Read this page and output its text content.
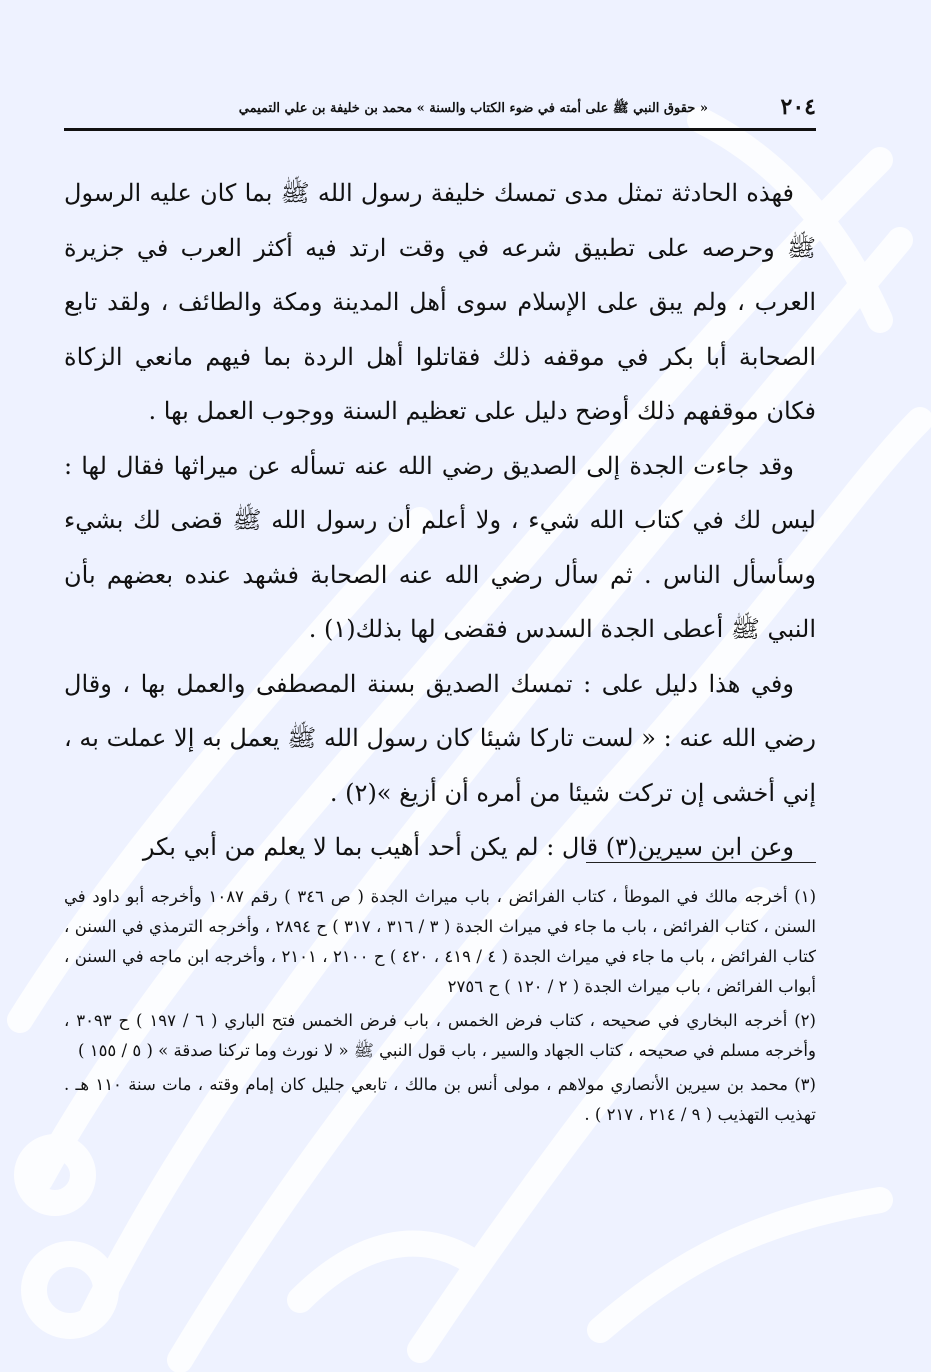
٢٠٤
« حقوق النبي ﷺ على أمته في ضوء الكتاب والسنة » محمد بن خليفة بن علي التميمي

فهذه الحادثة تمثل مدى تمسك خليفة رسول الله ﷺ بما كان عليه الرسول ﷺ وحرصه على تطبيق شرعه في وقت ارتد فيه أكثر العرب في جزيرة العرب ، ولم يبق على الإسلام سوى أهل المدينة ومكة والطائف ، ولقد تابع الصحابة أبا بكر في موقفه ذلك فقاتلوا أهل الردة بما فيهم مانعي الزكاة فكان موقفهم ذلك أوضح دليل على تعظيم السنة ووجوب العمل بها .

وقد جاءت الجدة إلى الصديق رضي الله عنه تسأله عن ميراثها فقال لها : ليس لك في كتاب الله شيء ، ولا أعلم أن رسول الله ﷺ قضى لك بشيء وسأسأل الناس . ثم سأل رضي الله عنه الصحابة فشهد عنده بعضهم بأن النبي ﷺ أعطى الجدة السدس فقضى لها بذلك(١) .

وفي هذا دليل على : تمسك الصديق بسنة المصطفى والعمل بها ، وقال رضي الله عنه : « لست تاركا شيئا كان رسول الله ﷺ يعمل به إلا عملت به ، إني أخشى إن تركت شيئا من أمره أن أزيغ »(٢) .

وعن ابن سيرين(٣) قال : لم يكن أحد أهيب بما لا يعلم من أبي بكر

(١) أخرجه مالك في الموطأ ، كتاب الفرائض ، باب ميراث الجدة ( ص ٣٤٦ ) رقم ١٠٨٧ وأخرجه أبو داود في السنن ، كتاب الفرائض ، باب ما جاء في ميراث الجدة ( ٣ / ٣١٦ ، ٣١٧ ) ح ٢٨٩٤ ، وأخرجه الترمذي في السنن ، كتاب الفرائض ، باب ما جاء في ميراث الجدة ( ٤ / ٤١٩ ، ٤٢٠ ) ح ٢١٠٠ ، ٢١٠١ ، وأخرجه ابن ماجه في السنن ، أبواب الفرائض ، باب ميراث الجدة ( ٢ / ١٢٠ ) ح ٢٧٥٦

(٢) أخرجه البخاري في صحيحه ، كتاب فرض الخمس ، باب فرض الخمس فتح الباري ( ٦ / ١٩٧ ) ح ٣٠٩٣ ، وأخرجه مسلم في صحيحه ، كتاب الجهاد والسير ، باب قول النبي ﷺ « لا نورث وما تركنا صدقة » ( ٥ / ١٥٥ )

(٣) محمد بن سيرين الأنصاري مولاهم ، مولى أنس بن مالك ، تابعي جليل كان إمام وقته ، مات سنة ١١٠ هـ . تهذيب التهذيب ( ٩ / ٢١٤ ، ٢١٧ ) .
